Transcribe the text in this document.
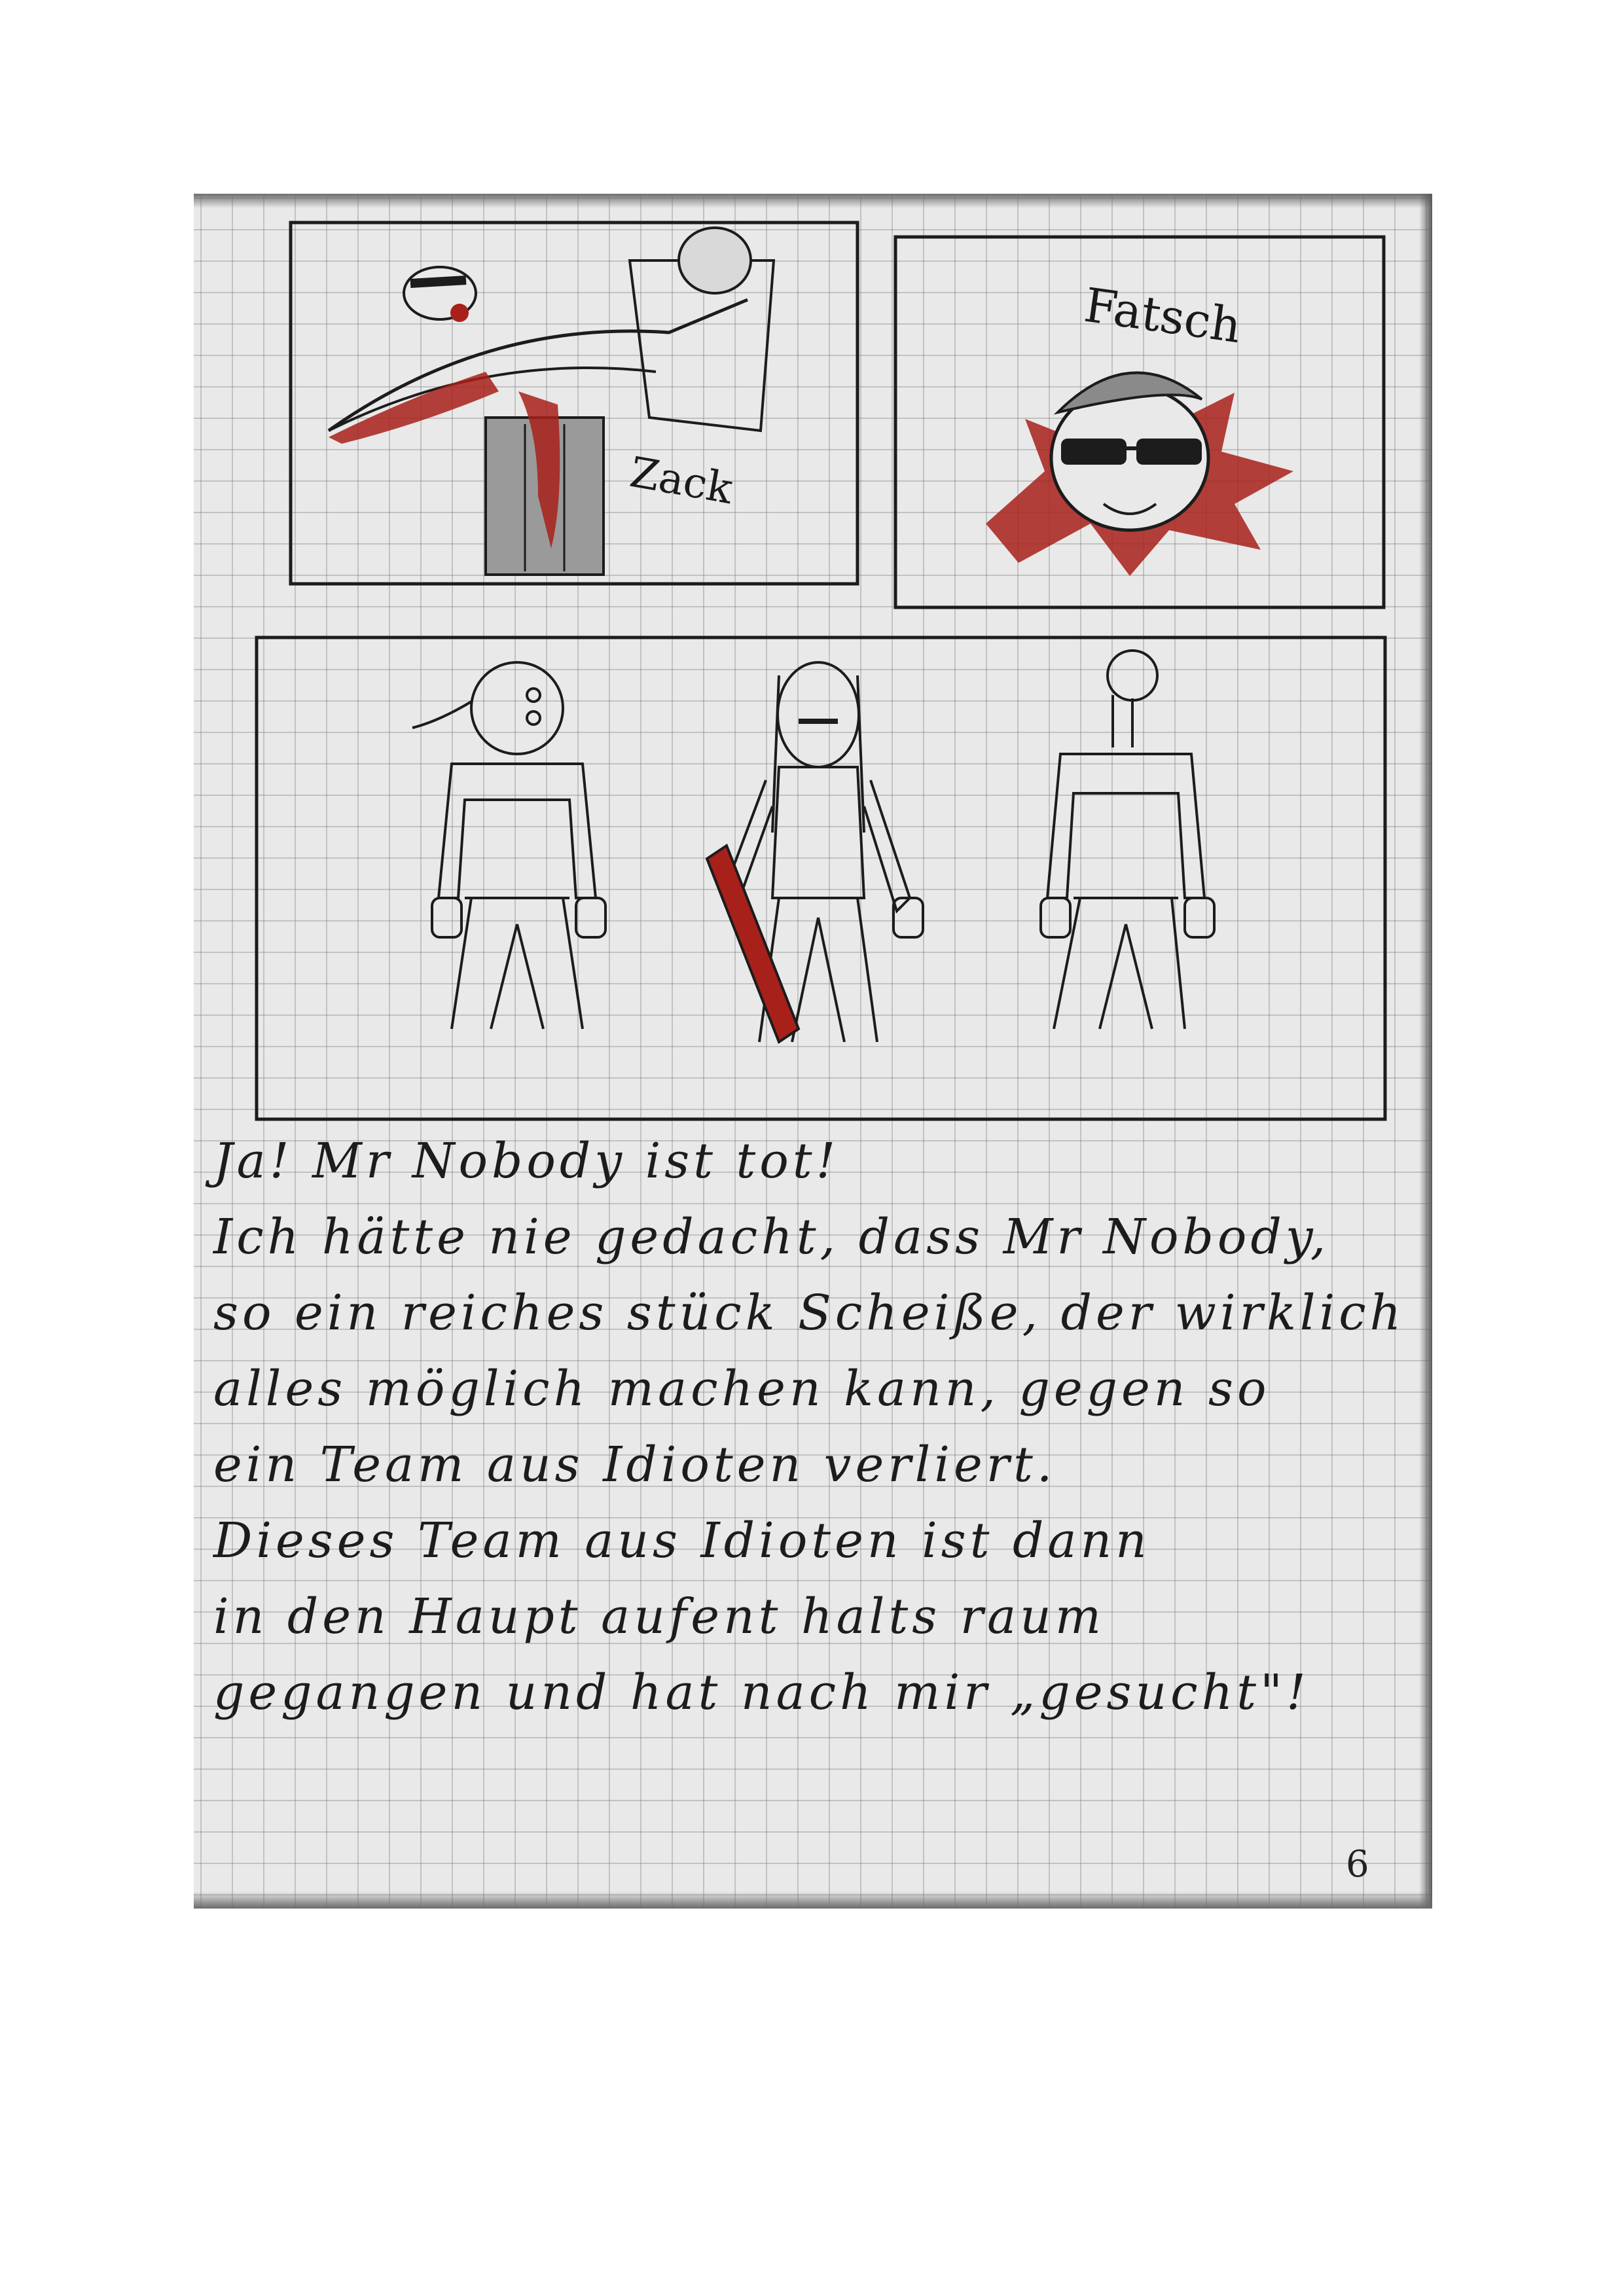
Zack
Fatsch
Ja! Mr Nobody ist tot!
Ich hätte nie gedacht, dass Mr Nobody,
so ein reiches stück Scheiße, der wirklich
alles möglich machen kann, gegen so
ein Team aus Idioten verliert.
Dieses Team aus Idioten ist dann
in den Haupt aufent halts raum
gegangen und hat nach mir „gesucht"!
6
